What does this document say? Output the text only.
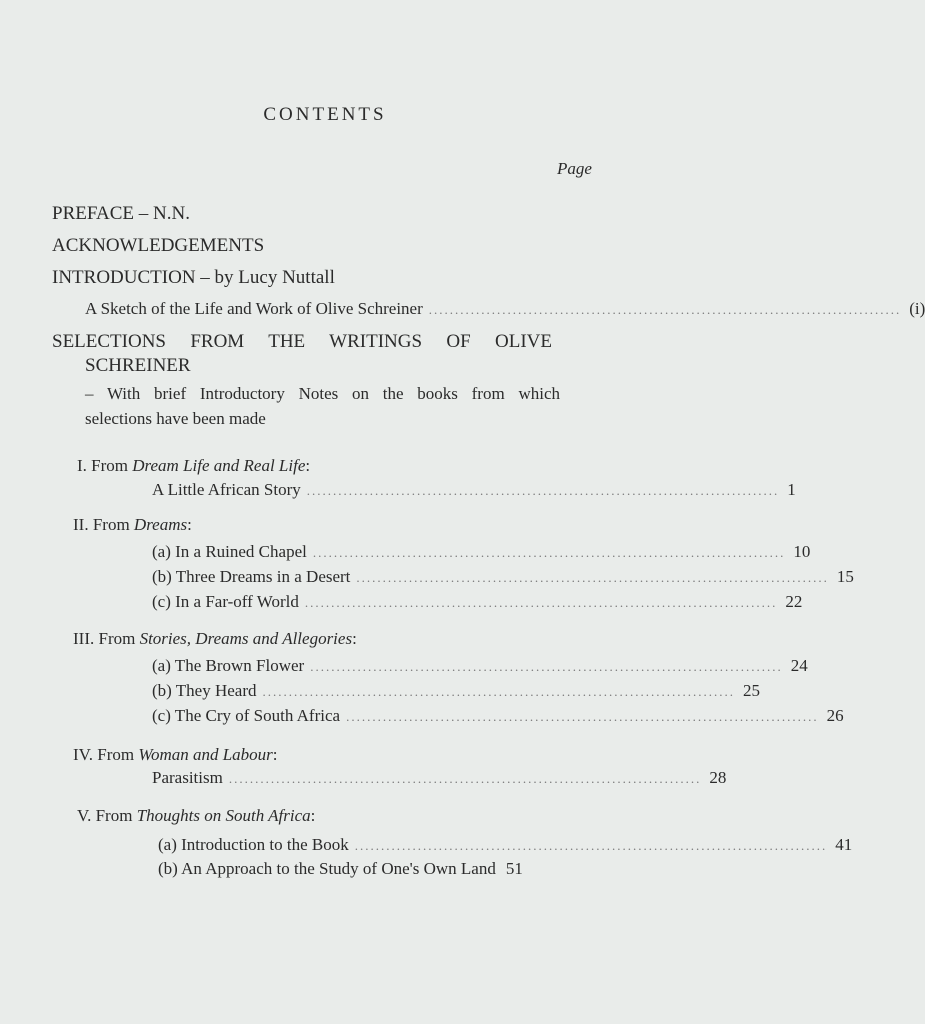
CONTENTS
Page
PREFACE – N.N.
ACKNOWLEDGEMENTS
INTRODUCTION – by Lucy Nuttall
A Sketch of the Life and Work of Olive Schreiner .......................................................................................... (i)
SELECTIONS FROM THE WRITINGS OF OLIVE
SCHREINER
– With brief Introductory Notes on the books from which
selections have been made
I. From Dream Life and Real Life:
A Little African Story .......................................................................................... 1
II. From Dreams:
(a) In a Ruined Chapel .......................................................................................... 10
(b) Three Dreams in a Desert .......................................................................................... 15
(c) In a Far-off World .......................................................................................... 22
III. From Stories, Dreams and Allegories:
(a) The Brown Flower .......................................................................................... 24
(b) They Heard .......................................................................................... 25
(c) The Cry of South Africa .......................................................................................... 26
IV. From Woman and Labour:
Parasitism .......................................................................................... 28
V. From Thoughts on South Africa:
(a) Introduction to the Book .......................................................................................... 41
(b) An Approach to the Study of One's Own Land 51
